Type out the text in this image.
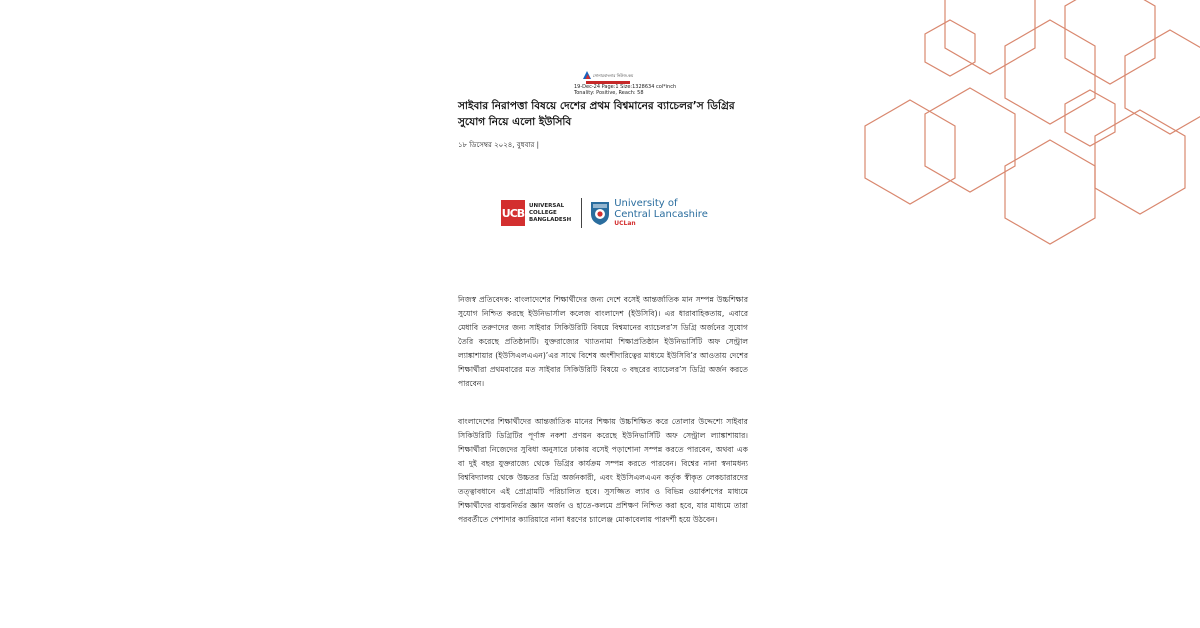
সোনারবাংলার নিউজ.কম
19-Dec-24 Page:1 Size:1328634 col*inch
Tonality: Positive, Reach: 58
সাইবার নিরাপত্তা বিষয়ে দেশের প্রথম বিশ্বমানের ব্যাচেলর’স ডিগ্রির সুযোগ নিয়ে এলো ইউসিবি
১৮ ডিসেম্বর ২০২৪, বুধবার |
UCB
UNIVERSAL
COLLEGE
BANGLADESH
University of
Central Lancashire
UCLan
নিজস্ব প্রতিবেদক: বাংলাদেশের শিক্ষার্থীদের জন্য দেশে বসেই আন্তর্জাতিক মান সম্পন্ন উচ্চশিক্ষার সুযোগ নিশ্চিত করছে ইউনিভার্সাল কলেজ বাংলাদেশ (ইউসিবি)। এর ধারাবাহিকতায়, এবারে মেধাবি তরুণদের জন্য সাইবার সিকিউরিটি বিষয়ে বিশ্বমানের ব্যাচেলর’স ডিগ্রি অর্জনের সুযোগ তৈরি করেছে প্রতিষ্ঠানটি। যুক্তরাজ্যের খ্যাতনামা শিক্ষাপ্রতিষ্ঠান ইউনিভার্সিটি অফ সেন্ট্রাল ল্যাঙ্কাশায়ার (ইউসিএলএএন)’এর সাথে বিশেষ অংশীদারিত্বের মাধ্যমে ইউসিবি’র আওতায় দেশের শিক্ষার্থীরা প্রথমবারের মত সাইবার সিকিউরিটি বিষয়ে ৩ বছরের ব্যাচেলর’স ডিগ্রি অর্জন করতে পারবেন।
বাংলাদেশের শিক্ষার্থীদের আন্তর্জাতিক মানের শিক্ষায় উচ্চশিক্ষিত করে তোলার উদ্দেশ্যে সাইবার সিকিউরিটি ডিগ্রিটির পূর্ণাঙ্গ নকশা প্রণয়ন করেছে ইউনিভার্সিটি অফ সেন্ট্রাল ল্যাঙ্কাশায়ার। শিক্ষার্থীরা নিজেদের সুবিধা অনুসারে ঢাকায় বসেই পড়াশোনা সম্পন্ন করতে পারবেন, অথবা এক বা দুই বছর যুক্তরাজ্যে থেকে ডিগ্রির কার্যক্রম সম্পন্ন করতে পারবেন। বিশ্বের নানা স্বনামধন্য বিশ্ববিদ্যালয় থেকে উচ্চতর ডিগ্রি অর্জনকারী, এবং ইউসিএলএএন কর্তৃক স্বীকৃত লেকচারারদের তত্ত্বাবধানে এই প্রোগ্রামটি পরিচালিত হবে। সুসজ্জিত ল্যাব ও বিভিন্ন ওয়ার্কশপের মাধ্যমে শিক্ষার্থীদের বাস্তবনির্ভর জ্ঞান অর্জন ও হাতে-কলমে প্রশিক্ষণ নিশ্চিত করা হবে, যার মাধ্যমে তারা পরবর্তীতে পেশাদার ক্যারিয়ারে নানা ধরণের চ্যালেঞ্জ মোকাবেলায় পারদর্শী হয়ে উঠবেন।
